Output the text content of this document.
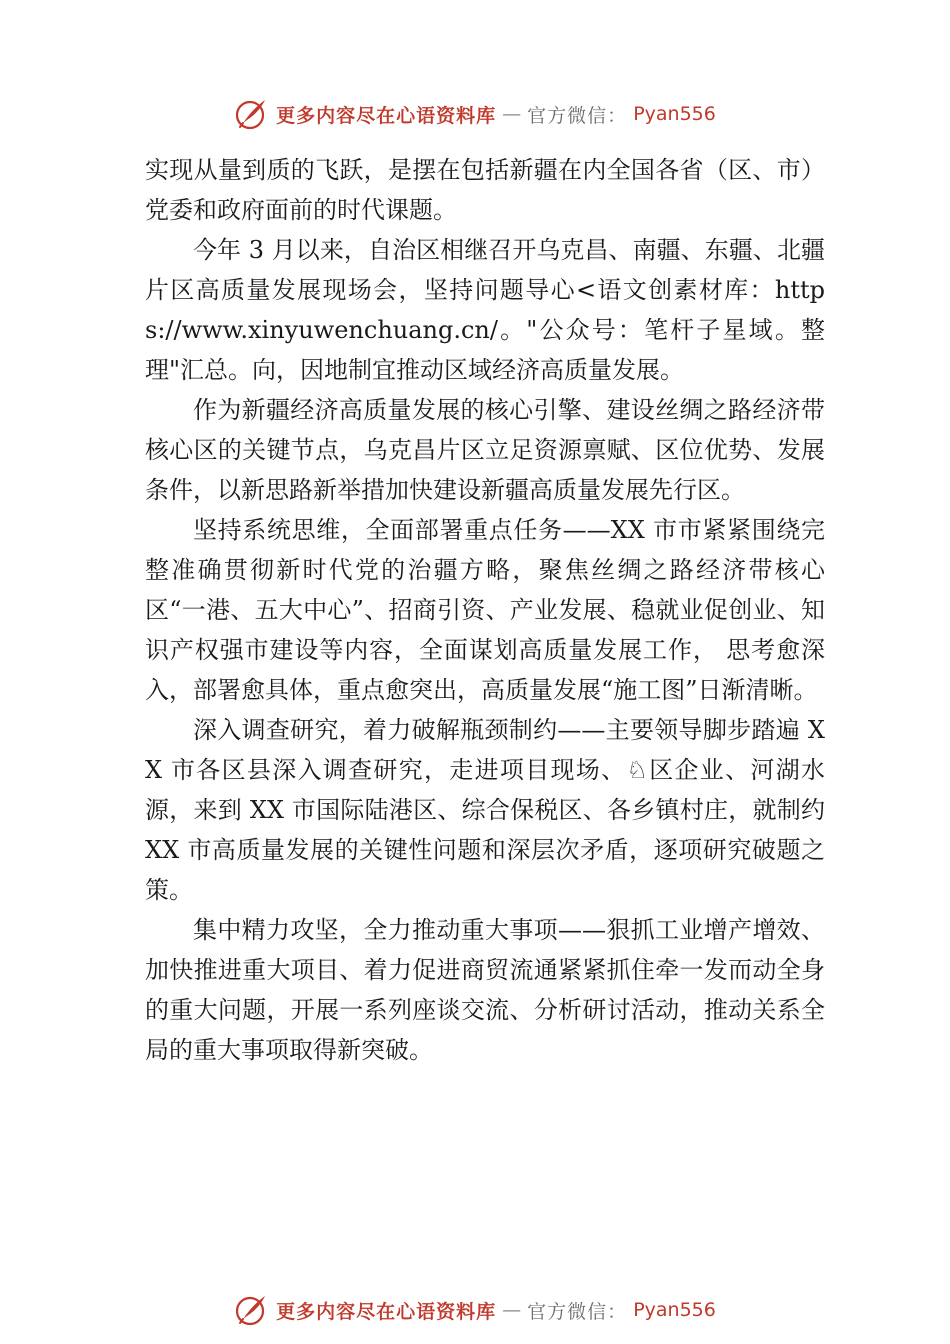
更多内容尽在心语资料库 — 官方微信： Pyan556

实现从量到质的飞跃，是摆在包括新疆在内全国各省（区、市）党委和政府面前的时代课题。

今年 3 月以来，自治区相继召开乌克昌、南疆、东疆、北疆片区高质量发展现场会，坚持问题导心<语文创素材库：https://www.xinyuwenchuang.cn/。"公众号：笔杆子星域。整理"汇总。向，因地制宜推动区域经济高质量发展。

作为新疆经济高质量发展的核心引擎、建设丝绸之路经济带核心区的关键节点，乌克昌片区立足资源禀赋、区位优势、发展条件，以新思路新举措加快建设新疆高质量发展先行区。

坚持系统思维，全面部署重点任务——XX 市市紧紧围绕完整准确贯彻新时代党的治疆方略，聚焦丝绸之路经济带核心区“一港、五大中心”、招商引资、产业发展、稳就业促创业、知识产权强市建设等内容，全面谋划高质量发展工作， 思考愈深入，部署愈具体，重点愈突出，高质量发展“施工图”日渐清晰。

深入调查研究，着力破解瓶颈制约——主要领导脚步踏遍 XX 市各区县深入调查研究，走进项目现场、♘区企业、河湖水源，来到 XX 市国际陆港区、综合保税区、各乡镇村庄，就制约 XX 市高质量发展的关键性问题和深层次矛盾，逐项研究破题之策。

集中精力攻坚，全力推动重大事项——狠抓工业增产增效、加快推进重大项目、着力促进商贸流通紧紧抓住牵一发而动全身的重大问题，开展一系列座谈交流、分析研讨活动，推动关系全局的重大事项取得新突破。

更多内容尽在心语资料库 — 官方微信： Pyan556
